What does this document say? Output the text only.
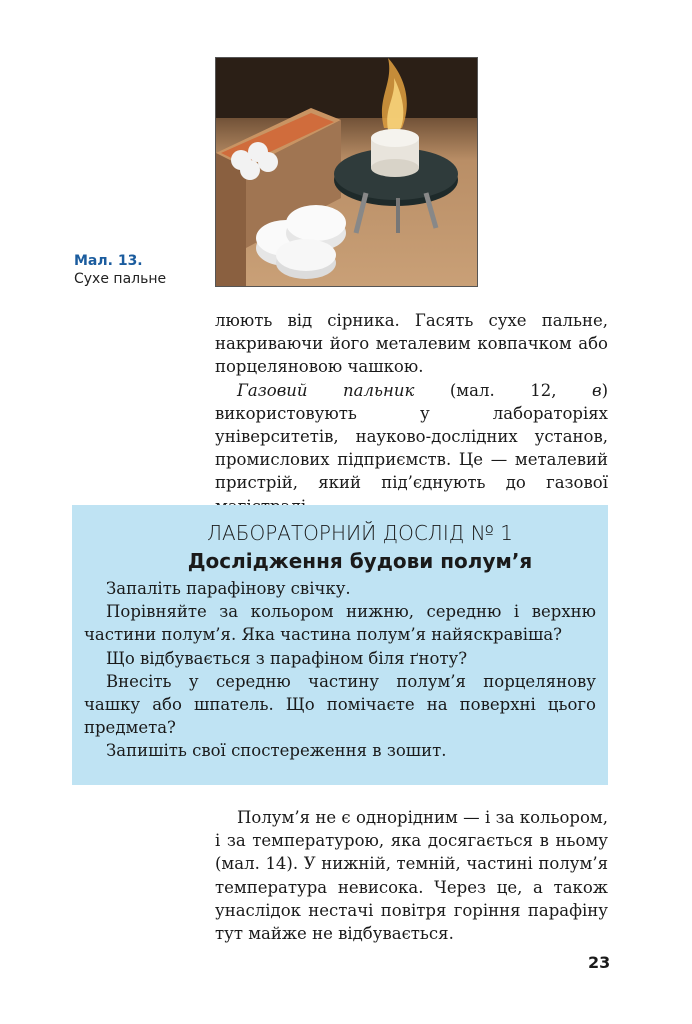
Мал. 13.
Сухе пальне

люють від сірника. Гасять сухе пальне, накриваючи його металевим ковпачком або порцеляновою чашкою.

Газовий пальник (мал. 12, в) використовують у лабораторіях університетів, науково-дослідних установ, промислових підприємств. Це — металевий пристрій, який під’єднують до газової

ЛАБОРАТОРНИЙ ДОСЛІД № 1
Дослідження будови полум’я

Запаліть парафінову свічку.

Порівняйте за кольором нижню, середню і верхню частини полум’я. Яка частина полум’я найяскравіша?

Що відбувається з парафіном біля ґноту?

Внесіть у середню частину полум’я порцелянову чашку або шпатель. Що помічаєте на поверхні цього предмета?

Запишіть свої спостереження в зошит.

Полум’я не є однорідним — і за кольором, і за температурою, яка досягається в ньому (мал. 14). У нижній, темній, частині полум’я температура невисока. Через це, а також унаслідок нестачі повітря горіння парафіну тут майже не відбувається.

23
